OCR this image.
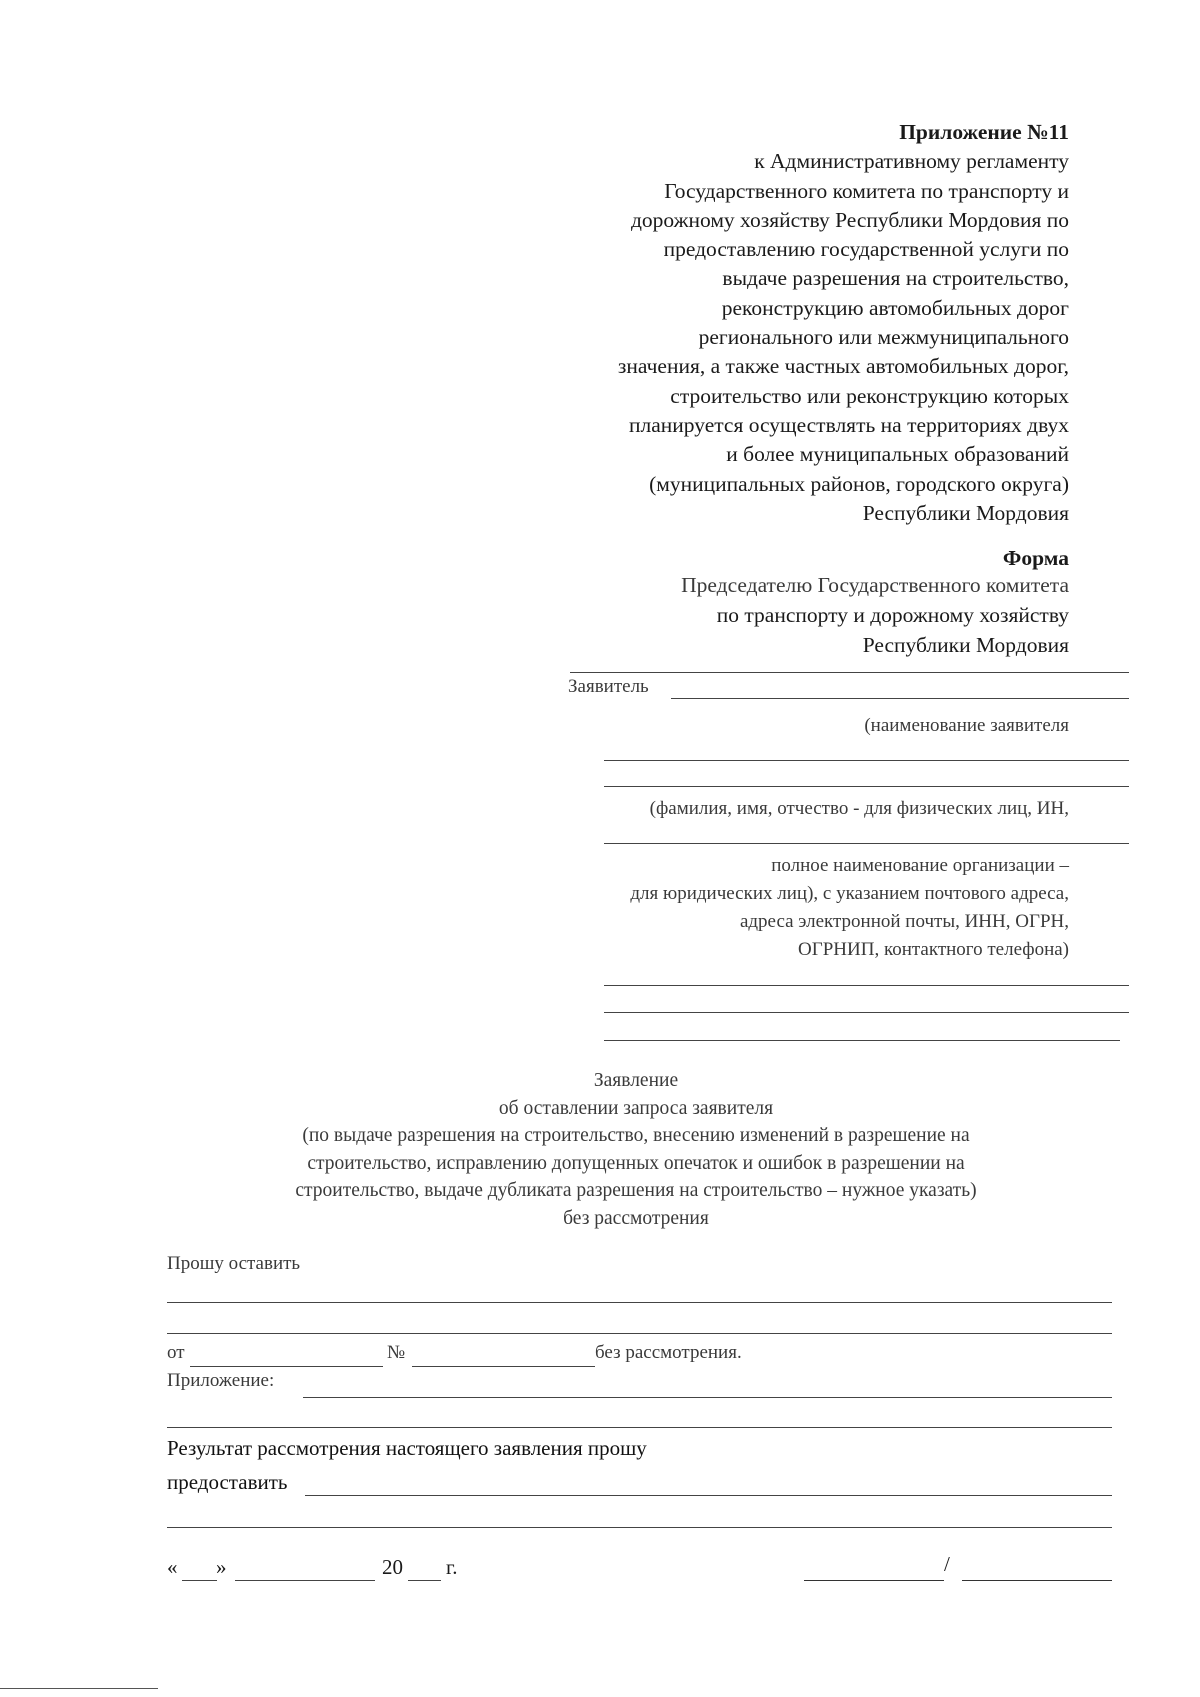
Приложение №11
к Административному регламенту
Государственного комитета по транспорту и
дорожному хозяйству Республики Мордовия по
предоставлению государственной услуги по
выдаче разрешения на строительство,
реконструкцию автомобильных дорог
регионального или межмуниципального
значения, а также частных автомобильных дорог,
строительство или реконструкцию которых
планируется осуществлять на территориях двух
и более муниципальных образований
(муниципальных районов, городского округа)
Республики Мордовия
Форма
Председателю Государственного комитета
по транспорту и дорожному хозяйству
Республики Мордовия
Заявитель
(наименование заявителя
(фамилия, имя, отчество - для физических лиц, ИН,
полное наименование организации –
для юридических лиц), с указанием почтового адреса,
адреса электронной почты, ИНН, ОГРН,
ОГРНИП, контактного телефона)
Заявление
об оставлении запроса заявителя
(по выдаче разрешения на строительство, внесению изменений в разрешение на
строительство, исправлению допущенных опечаток и ошибок в разрешении на
строительство, выдаче дубликата разрешения на строительство – нужное указать)
без рассмотрения
Прошу оставить
от	№	без рассмотрения.
Приложение:
Результат рассмотрения настоящего заявления прошу
предоставить
« »	20 г.	/
